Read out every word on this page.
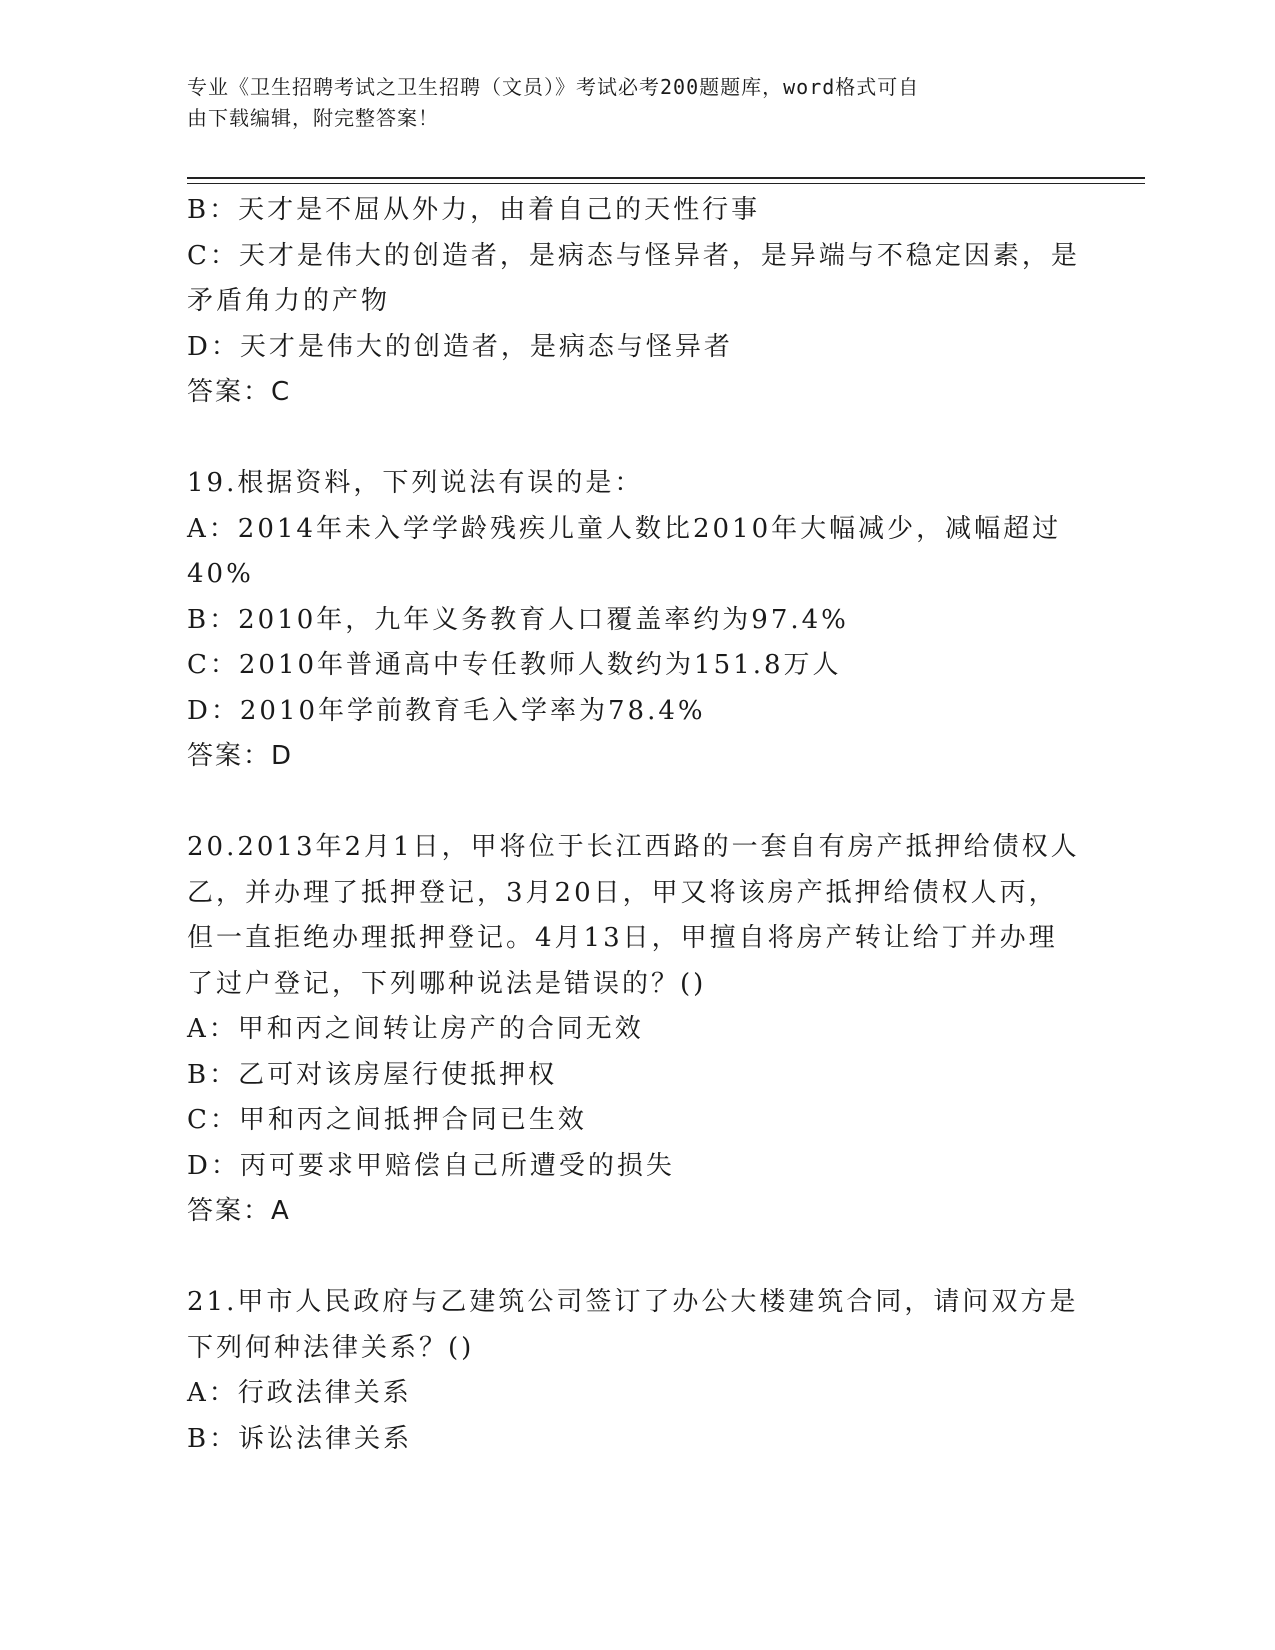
专业《卫生招聘考试之卫生招聘（文员）》考试必考200题题库，word格式可自
由下载编辑，附完整答案！
B：天才是不屈从外力，由着自己的天性行事
C：天才是伟大的创造者，是病态与怪异者，是异端与不稳定因素，是
矛盾角力的产物
D：天才是伟大的创造者，是病态与怪异者
答案：C
19.根据资料，下列说法有误的是：
A：2014年未入学学龄残疾儿童人数比2010年大幅减少，减幅超过
40%
B：2010年，九年义务教育人口覆盖率约为97.4%
C：2010年普通高中专任教师人数约为151.8万人
D：2010年学前教育毛入学率为78.4%
答案：D
20.2013年2月1日，甲将位于长江西路的一套自有房产抵押给债权人
乙，并办理了抵押登记，3月20日，甲又将该房产抵押给债权人丙，
但一直拒绝办理抵押登记。4月13日，甲擅自将房产转让给丁并办理
了过户登记，下列哪种说法是错误的？()
A：甲和丙之间转让房产的合同无效
B：乙可对该房屋行使抵押权
C：甲和丙之间抵押合同已生效
D：丙可要求甲赔偿自己所遭受的损失
答案：A
21.甲市人民政府与乙建筑公司签订了办公大楼建筑合同，请问双方是
下列何种法律关系？()
A：行政法律关系
B：诉讼法律关系
